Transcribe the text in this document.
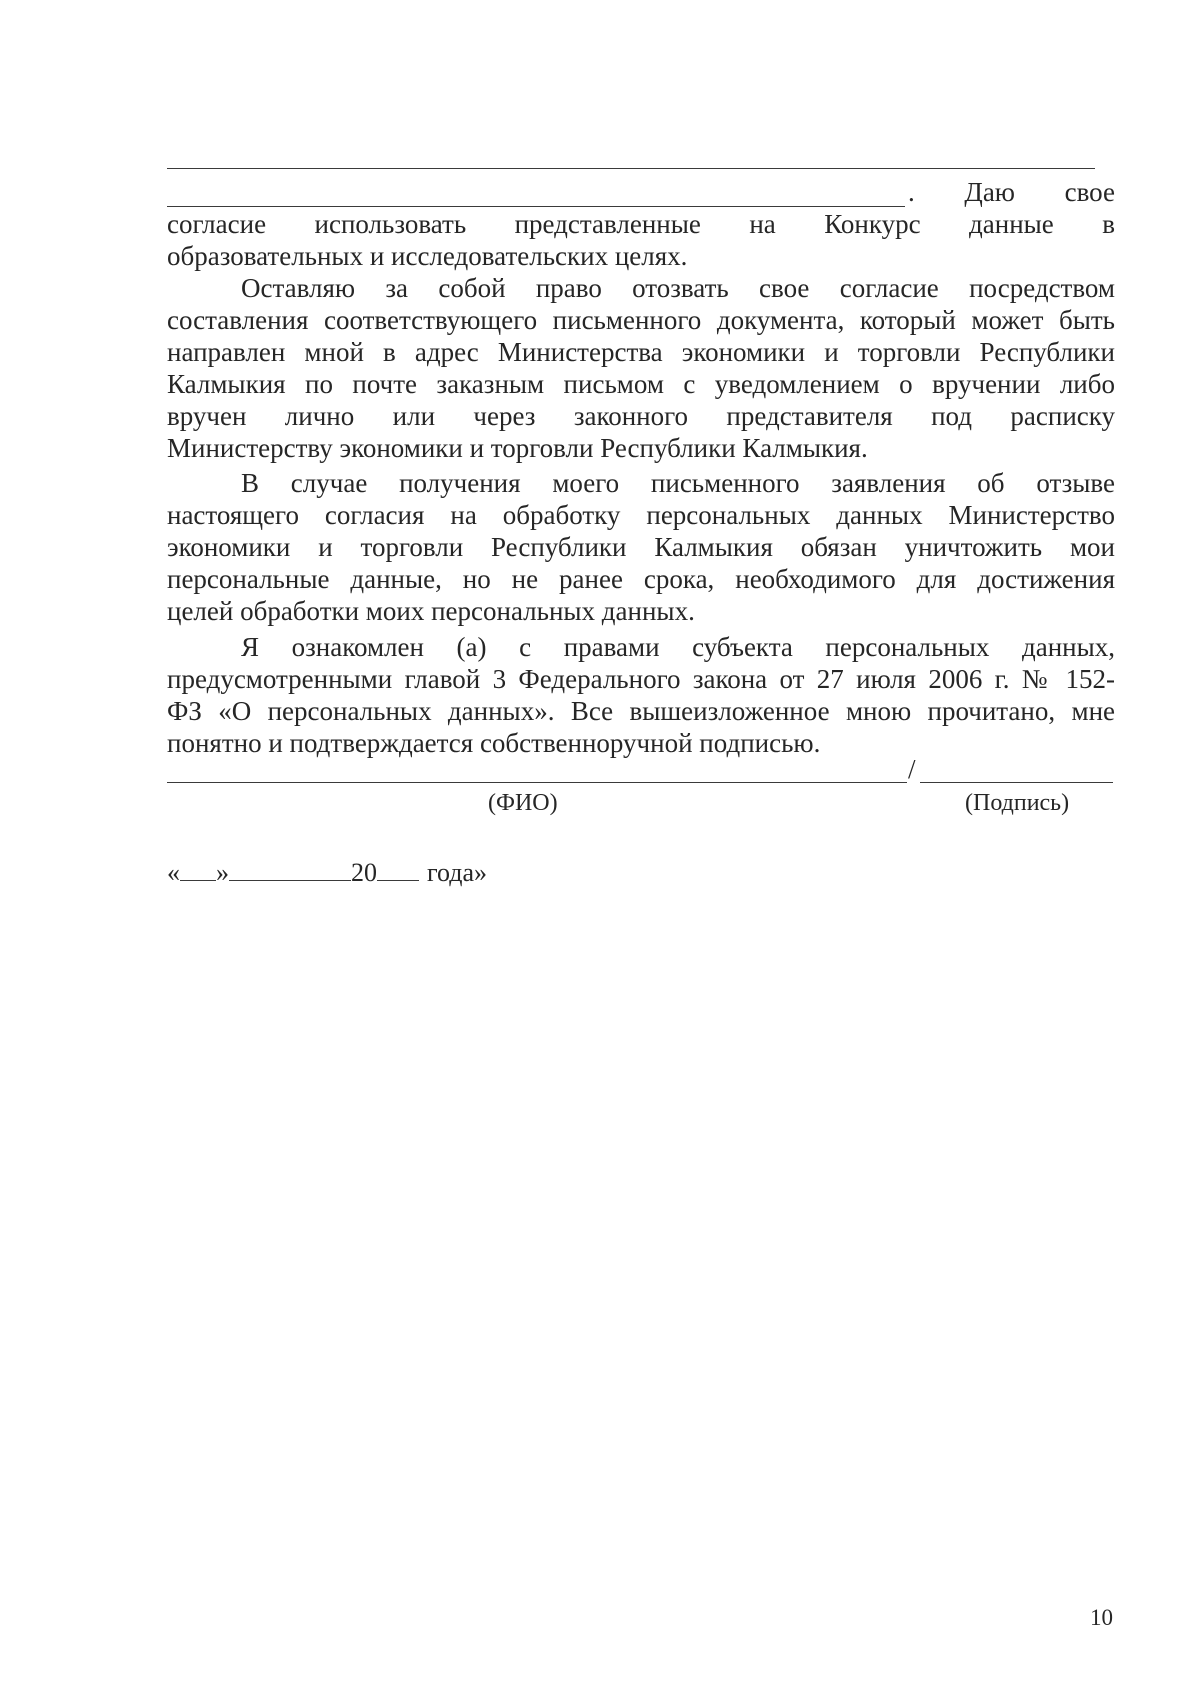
. Даю свое
согласие использовать представленные на Конкурс данные в
образовательных и исследовательских целях.
Оставляю за собой право отозвать свое согласие посредством
составления соответствующего письменного документа, который может быть
направлен мной в адрес Министерства экономики и торговли Республики
Калмыкия по почте заказным письмом с уведомлением о вручении либо
вручен лично или через законного представителя под расписку
Министерству экономики и торговли Республики Калмыкия.
В случае получения моего письменного заявления об отзыве
настоящего согласия на обработку персональных данных Министерство
экономики и торговли Республики Калмыкия обязан уничтожить мои
персональные данные, но не ранее срока, необходимого для достижения
целей обработки моих персональных данных.
Я ознакомлен (а) с правами субъекта персональных данных,
предусмотренными главой 3 Федерального закона от 27 июля 2006 г. № 152-
ФЗ «О персональных данных». Все вышеизложенное мною прочитано, мне
понятно и подтверждается собственноручной подписью.
/
(ФИО)	(Подпись)
« »	20 года»
10
